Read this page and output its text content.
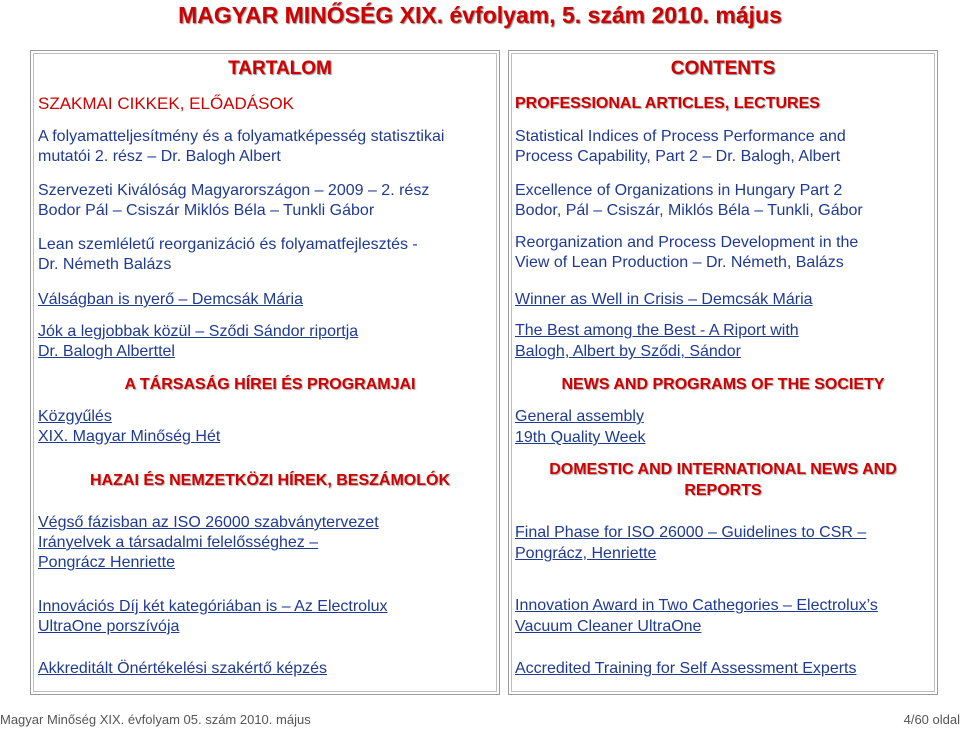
MAGYAR MINŐSÉG XIX. évfolyam, 5. szám 2010. május
TARTALOM
SZAKMAI CIKKEK, ELŐADÁSOK
A folyamatteljesítmény és a folyamatképesség statisztikai
mutatói 2. rész – Dr. Balogh Albert
Szervezeti Kiválóság Magyarországon – 2009 – 2. rész
Bodor Pál – Csiszár Miklós Béla – Tunkli Gábor
Lean szemléletű reorganizáció és folyamatfejlesztés -
Dr. Németh Balázs
Válságban is nyerő – Demcsák Mária
Jók a legjobbak közül – Sződi Sándor riportja
Dr. Balogh Alberttel
A TÁRSASÁG HÍREI ÉS PROGRAMJAI
Közgyűlés
XIX. Magyar Minőség Hét
HAZAI ÉS NEMZETKÖZI HÍREK, BESZÁMOLÓK
Végső fázisban az ISO 26000 szabványtervezet
Irányelvek a társadalmi felelősséghez –
Pongrácz Henriette
Innovációs Díj két kategóriában is – Az Electrolux
UltraOne porszívója
Akkreditált Önértékelési szakértő képzés
CONTENTS
PROFESSIONAL ARTICLES, LECTURES
Statistical Indices of Process Performance and
Process Capability, Part 2 – Dr. Balogh, Albert
Excellence of Organizations in Hungary Part 2
Bodor, Pál – Csiszár, Miklós Béla – Tunkli, Gábor
Reorganization and Process Development in the
View of Lean Production – Dr. Németh, Balázs
Winner as Well in Crisis – Demcsák Mária
The Best among the Best - A Riport with
Balogh, Albert by Sződi, Sándor
NEWS AND PROGRAMS OF THE SOCIETY
General assembly
19th Quality Week
DOMESTIC AND INTERNATIONAL NEWS AND
REPORTS
Final Phase for ISO 26000 – Guidelines to CSR –
Pongrácz, Henriette
Innovation Award in Two Cathegories – Electrolux’s
Vacuum Cleaner UltraOne
Accredited Training for Self Assessment Experts
Magyar Minőség XIX. évfolyam 05. szám 2010. május	4/60 oldal
